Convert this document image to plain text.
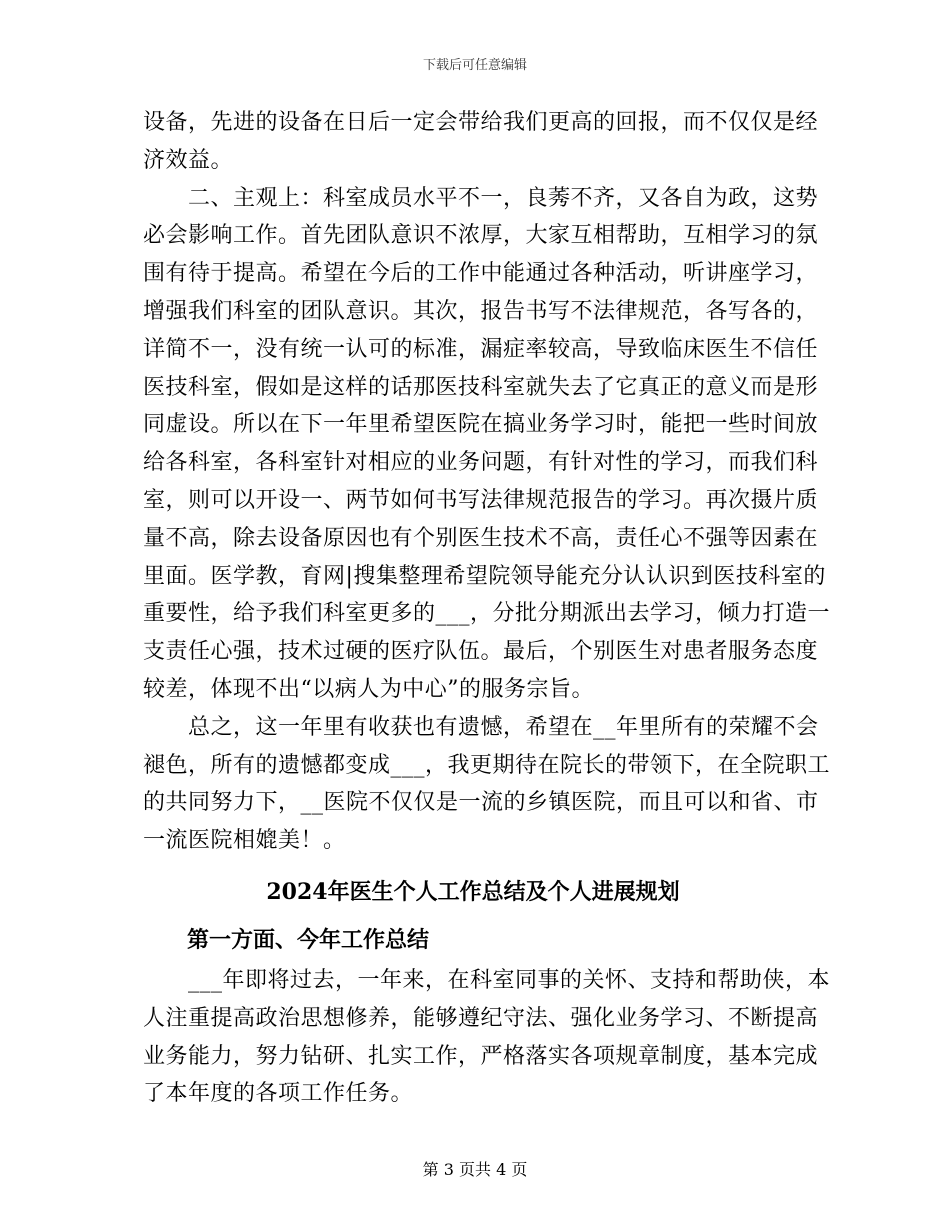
下载后可任意编辑
设备，先进的设备在日后一定会带给我们更高的回报，而不仅仅是经
济效益。
　　二、主观上：科室成员水平不一，良莠不齐，又各自为政，这势
必会影响工作。首先团队意识不浓厚，大家互相帮助，互相学习的氛
围有待于提高。希望在今后的工作中能通过各种活动，听讲座学习，
增强我们科室的团队意识。其次，报告书写不法律规范，各写各的，
详简不一，没有统一认可的标准，漏症率较高，导致临床医生不信任
医技科室，假如是这样的话那医技科室就失去了它真正的意义而是形
同虚设。所以在下一年里希望医院在搞业务学习时，能把一些时间放
给各科室，各科室针对相应的业务问题，有针对性的学习，而我们科
室，则可以开设一、两节如何书写法律规范报告的学习。再次摄片质
量不高，除去设备原因也有个别医生技术不高，责任心不强等因素在
里面。医学教，育网|搜集整理希望院领导能充分认认识到医技科室的
重要性，给予我们科室更多的___，分批分期派出去学习，倾力打造一
支责任心强，技术过硬的医疗队伍。最后，个别医生对患者服务态度
较差，体现不出“以病人为中心”的服务宗旨。
　　总之，这一年里有收获也有遗憾，希望在__年里所有的荣耀不会
褪色，所有的遗憾都变成___，我更期待在院长的带领下，在全院职工
的共同努力下，__医院不仅仅是一流的乡镇医院，而且可以和省、市
一流医院相媲美！。
2024年医生个人工作总结及个人进展规划
第一方面、今年工作总结
　　___年即将过去，一年来，在科室同事的关怀、支持和帮助侠，本
人注重提高政治思想修养，能够遵纪守法、强化业务学习、不断提高
业务能力，努力钻研、扎实工作，严格落实各项规章制度，基本完成
了本年度的各项工作任务。
第 3 页共 4 页
